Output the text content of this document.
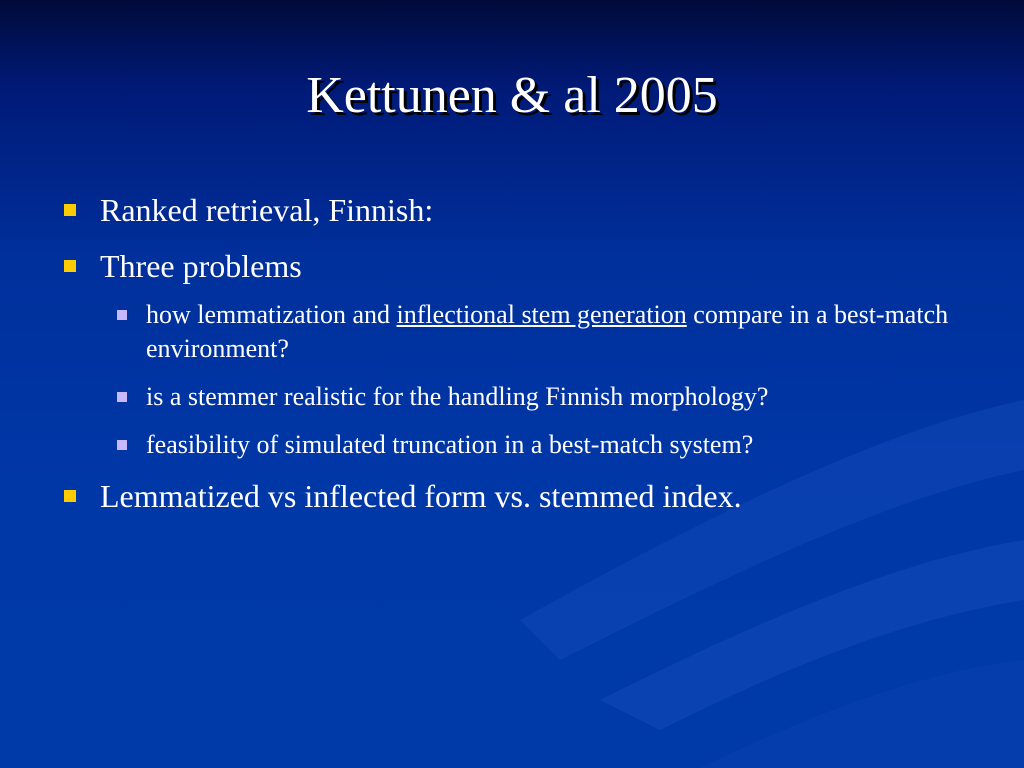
Kettunen & al 2005
Ranked retrieval, Finnish:
Three problems
how lemmatization and inflectional stem generation compare in a best-match environment?
is a stemmer realistic for the handling Finnish morphology?
feasibility of simulated truncation in a best-match system?
Lemmatized vs inflected form vs. stemmed index.
